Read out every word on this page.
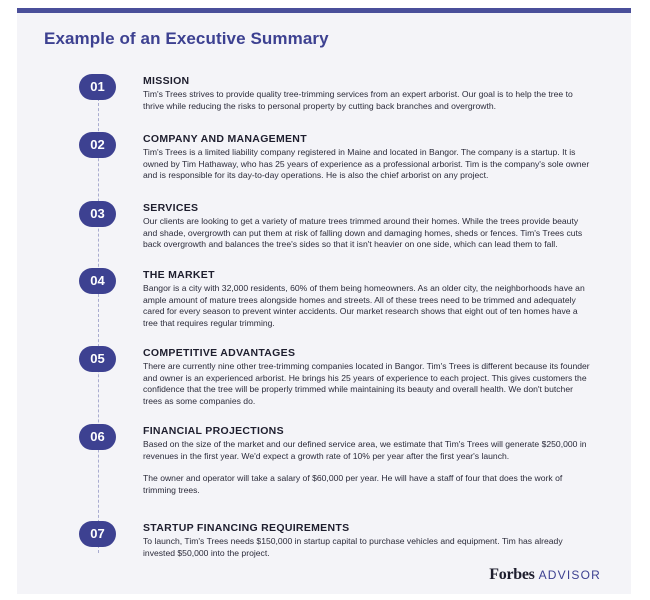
Example of an Executive Summary
01	MISSION

Tim's Trees strives to provide quality tree-trimming services from an expert arborist. Our goal is to help the tree to thrive while reducing the risks to personal property by cutting back branches and overgrowth.

02	COMPANY AND MANAGEMENT

Tim's Trees is a limited liability company registered in Maine and located in Bangor. The company is a startup. It is owned by Tim Hathaway, who has 25 years of experience as a professional arborist. Tim is the company's sole owner and is responsible for its day-to-day operations. He is also the chief arborist on any project.

03	SERVICES

Our clients are looking to get a variety of mature trees trimmed around their homes. While the trees provide beauty and shade, overgrowth can put them at risk of falling down and damaging homes, sheds or fences. Tim's Trees cuts back overgrowth and balances the tree's sides so that it isn't heavier on one side, which can lead them to fall.

04	THE MARKET

Bangor is a city with 32,000 residents, 60% of them being homeowners. As an older city, the neighborhoods have an ample amount of mature trees alongside homes and streets. All of these trees need to be trimmed and adequately cared for every season to prevent winter accidents. Our market research shows that eight out of ten homes have a tree that requires regular trimming.

05	COMPETITIVE ADVANTAGES

There are currently nine other tree-trimming companies located in Bangor. Tim's Trees is different because its founder and owner is an experienced arborist. He brings his 25 years of experience to each project. This gives customers the confidence that the tree will be properly trimmed while maintaining its beauty and overall health. We don't butcher trees as some companies do.

06	FINANCIAL PROJECTIONS

Based on the size of the market and our defined service area, we estimate that Tim's Trees will generate $250,000 in revenues in the first year. We'd expect a growth rate of 10% per year after the first year's launch.

The owner and operator will take a salary of $60,000 per year. He will have a staff of four that does the work of trimming trees.

07	STARTUP FINANCING REQUIREMENTS

To launch, Tim's Trees needs $150,000 in startup capital to purchase vehicles and equipment. Tim has already invested $50,000 into the project.

Forbes ADVISOR
